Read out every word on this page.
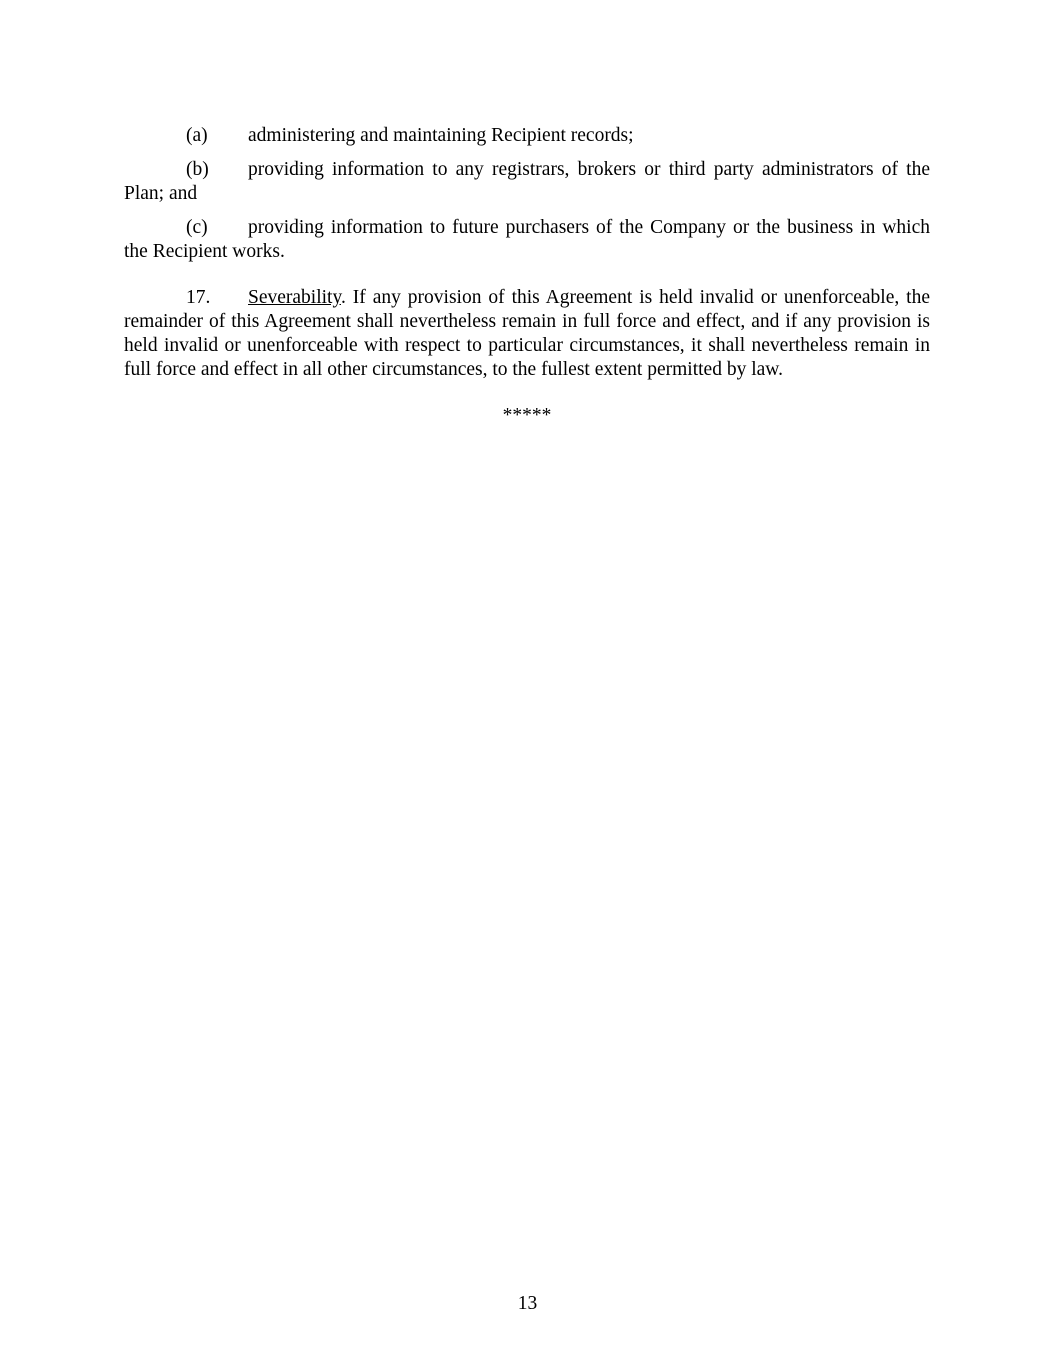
(a) administering and maintaining Recipient records;

(b) providing information to any registrars, brokers or third party administrators of the Plan; and

(c) providing information to future purchasers of the Company or the business in which the Recipient works.

17. Severability. If any provision of this Agreement is held invalid or unenforceable, the remainder of this Agreement shall nevertheless remain in full force and effect, and if any provision is held invalid or unenforceable with respect to particular circumstances, it shall nevertheless remain in full force and effect in all other circumstances, to the fullest extent permitted by law.

*****

13
